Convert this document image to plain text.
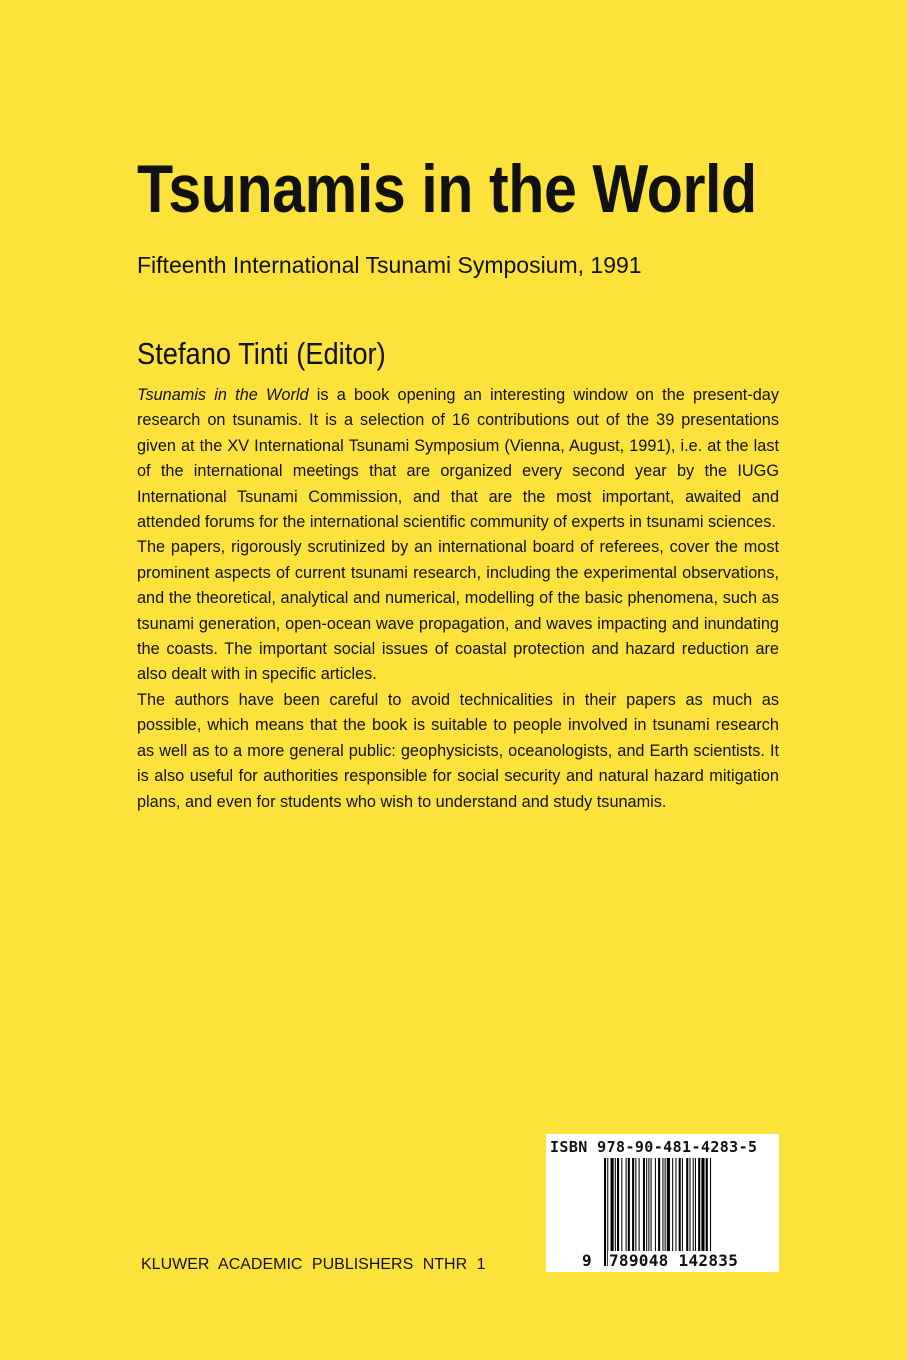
Tsunamis in the World
Fifteenth International Tsunami Symposium, 1991
Stefano Tinti (Editor)

Tsunamis in the World is a book opening an interesting window on the present-day research on tsunamis. It is a selection of 16 contributions out of the 39 presentations given at the XV International Tsunami Symposium (Vienna, August, 1991), i.e. at the last of the international meetings that are organized every second year by the IUGG International Tsunami Commission, and that are the most important, awaited and attended forums for the international scientific community of experts in tsunami sciences.

The papers, rigorously scrutinized by an international board of referees, cover the most prominent aspects of current tsunami research, including the experimental observations, and the theoretical, analytical and numerical, modelling of the basic phenomena, such as tsunami generation, open-ocean wave propagation, and waves impacting and inundating the coasts. The important social issues of coastal protection and hazard reduction are also dealt with in specific articles.

The authors have been careful to avoid technicalities in their papers as much as possible, which means that the book is suitable to people involved in tsunami research as well as to a more general public: geophysicists, oceanologists, and Earth scientists. It is also useful for authorities responsible for social security and natural hazard mitigation plans, and even for students who wish to understand and study tsunamis.

KLUWER ACADEMIC PUBLISHERS NTHR 1
ISBN 978-90-481-4283-5
9 789048 142835
